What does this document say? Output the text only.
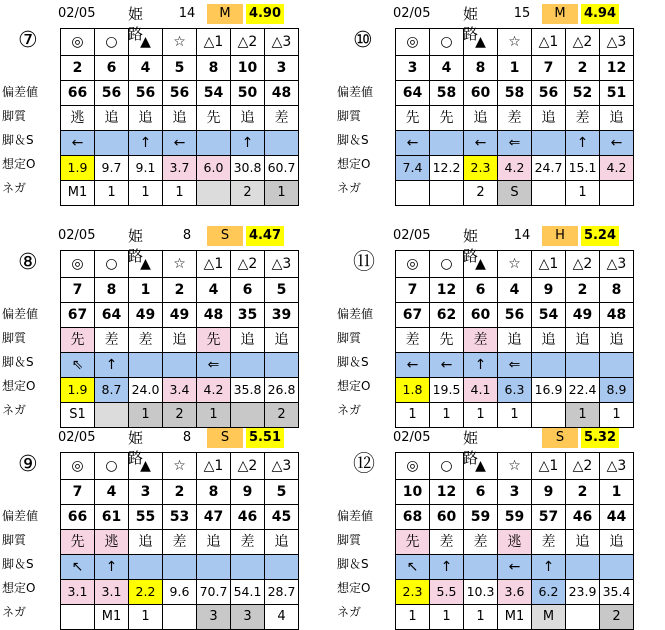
02/05	姫路
14	M	4.90
⑦
偏差値
脚質
脚＆S
想定O
ネガ
◎	○	▲	☆	△1	△2	△3
2	6	4	5	8	10	3
66	56	56	56	54	50	48
逃	追	追	追	先	追	差
←		↑	←		↑	
1.9	9.7	9.1	3.7	6.0	30.8	60.7
M1	1	1	1		2	1
02/05	姫路
15	M	4.94
⑩
偏差値
脚質
脚＆S
想定O
ネガ
◎	○	▲	☆	△1	△2	△3
3	4	8	1	7	2	12
64	58	60	58	56	52	51
先	先	追	差	追	差	追
←		←	⇐		↑	←
7.4	12.2	2.3	4.2	24.7	15.1	4.2
		2	S		1	
02/05	姫路
8	S	4.47
⑧
偏差値
脚質
脚＆S
想定O
ネガ
◎	○	▲	☆	△1	△2	△3
7	8	1	2	4	6	5
67	64	49	49	48	35	39
先	差	差	追	先	追	追
⇖	↑			⇐		
1.9	8.7	24.0	3.4	4.2	35.8	26.8
S1		1	2	1		2
02/05	姫路
14	H	5.24
⑪
偏差値
脚質
脚＆S
想定O
ネガ
◎	○	▲	☆	△1	△2	△3
7	12	6	4	9	2	8
67	62	60	56	54	49	48
差	先	差	追	追	追	追
←	←	↑	⇐			
1.8	19.5	4.1	6.3	16.9	22.4	8.9
1	1	1	1		1	1
02/05	姫路
8	S	5.51
⑨
偏差値
脚質
脚＆S
想定O
ネガ
◎	○	▲	☆	△1	△2	△3
7	4	3	2	8	9	5
66	61	55	53	47	46	45
先	逃	追	差	追	差	追
↖	↑					
3.1	3.1	2.2	9.6	70.7	54.1	28.7
	M1	1		3	3	4
02/05	姫路
S	5.32
⑫
偏差値
脚質
脚＆S
想定O
ネガ
◎	○	▲	☆	△1	△2	△3
10	12	6	3	9	2	1
68	60	59	59	57	46	44
先	差	差	逃	差	追	追
↖	↑		←	↑		
2.3	5.5	10.3	3.6	6.2	23.9	35.4
1	1	1	M1	M		2
